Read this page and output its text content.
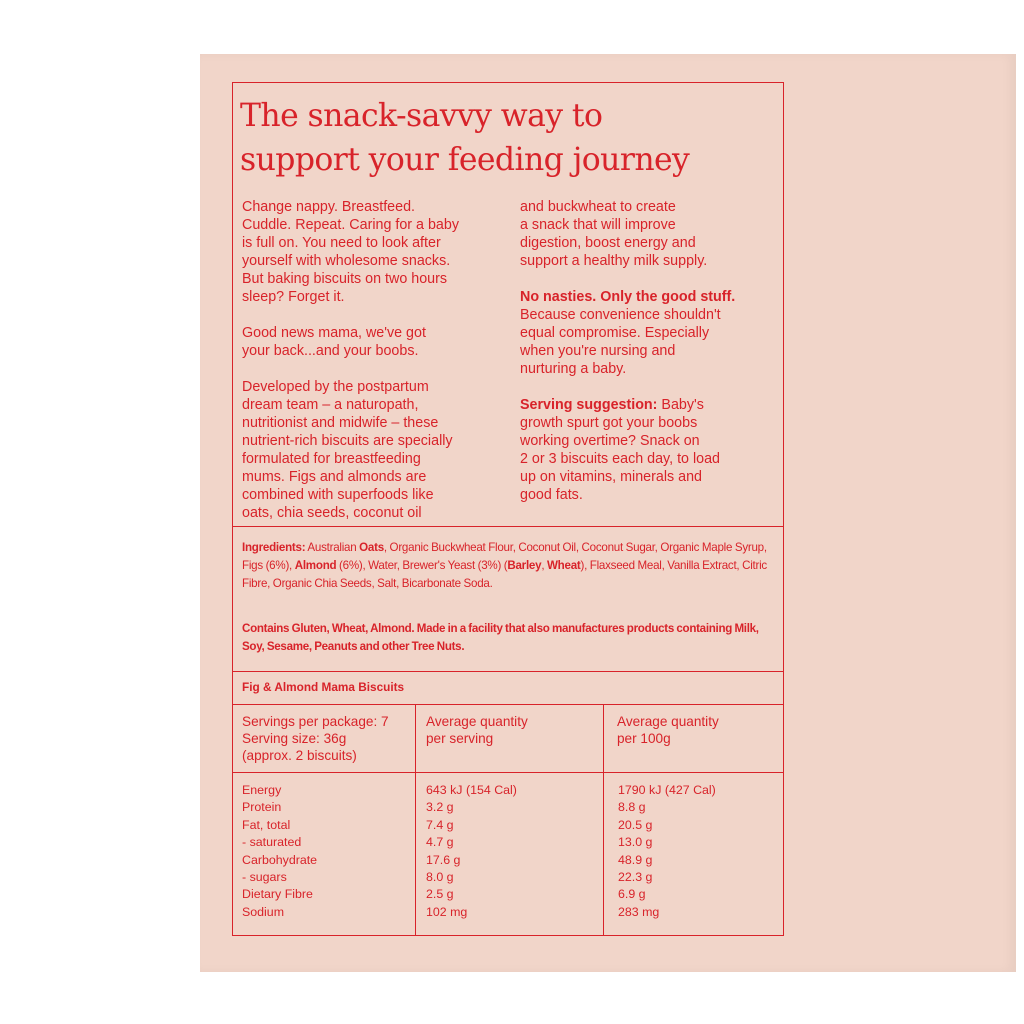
The snack-savvy way to
support your feeding journey

Change nappy. Breastfeed.
Cuddle. Repeat. Caring for a baby
is full on. You need to look after
yourself with wholesome snacks.
But baking biscuits on two hours
sleep? Forget it.

Good news mama, we've got
your back...and your boobs.

Developed by the postpartum
dream team – a naturopath,
nutritionist and midwife – these
nutrient-rich biscuits are specially
formulated for breastfeeding
mums. Figs and almonds are
combined with superfoods like
oats, chia seeds, coconut oil

and buckwheat to create
a snack that will improve
digestion, boost energy and
support a healthy milk supply.

No nasties. Only the good stuff.
Because convenience shouldn't
equal compromise. Especially
when you're nursing and
nurturing a baby.

Serving suggestion: Baby's
growth spurt got your boobs
working overtime? Snack on
2 or 3 biscuits each day, to load
up on vitamins, minerals and
good fats.

Ingredients: Australian Oats, Organic Buckwheat Flour, Coconut Oil, Coconut Sugar, Organic Maple Syrup, Figs (6%), Almond (6%), Water, Brewer's Yeast (3%) (Barley, Wheat), Flaxseed Meal, Vanilla Extract, Citric Fibre, Organic Chia Seeds, Salt, Bicarbonate Soda.
Contains Gluten, Wheat, Almond. Made in a facility that also manufactures products containing Milk, Soy, Sesame, Peanuts and other Tree Nuts.
Fig & Almond Mama Biscuits
Servings per package: 7
Serving size: 36g
(approx. 2 biscuits)
Average quantity
per serving
Average quantity
per 100g
Energy
Protein
Fat, total
- saturated
Carbohydrate
- sugars
Dietary Fibre
Sodium
643 kJ (154 Cal)
3.2 g
7.4 g
4.7 g
17.6 g
8.0 g
2.5 g
102 mg
1790 kJ (427 Cal)
8.8 g
20.5 g
13.0 g
48.9 g
22.3 g
6.9 g
283 mg
